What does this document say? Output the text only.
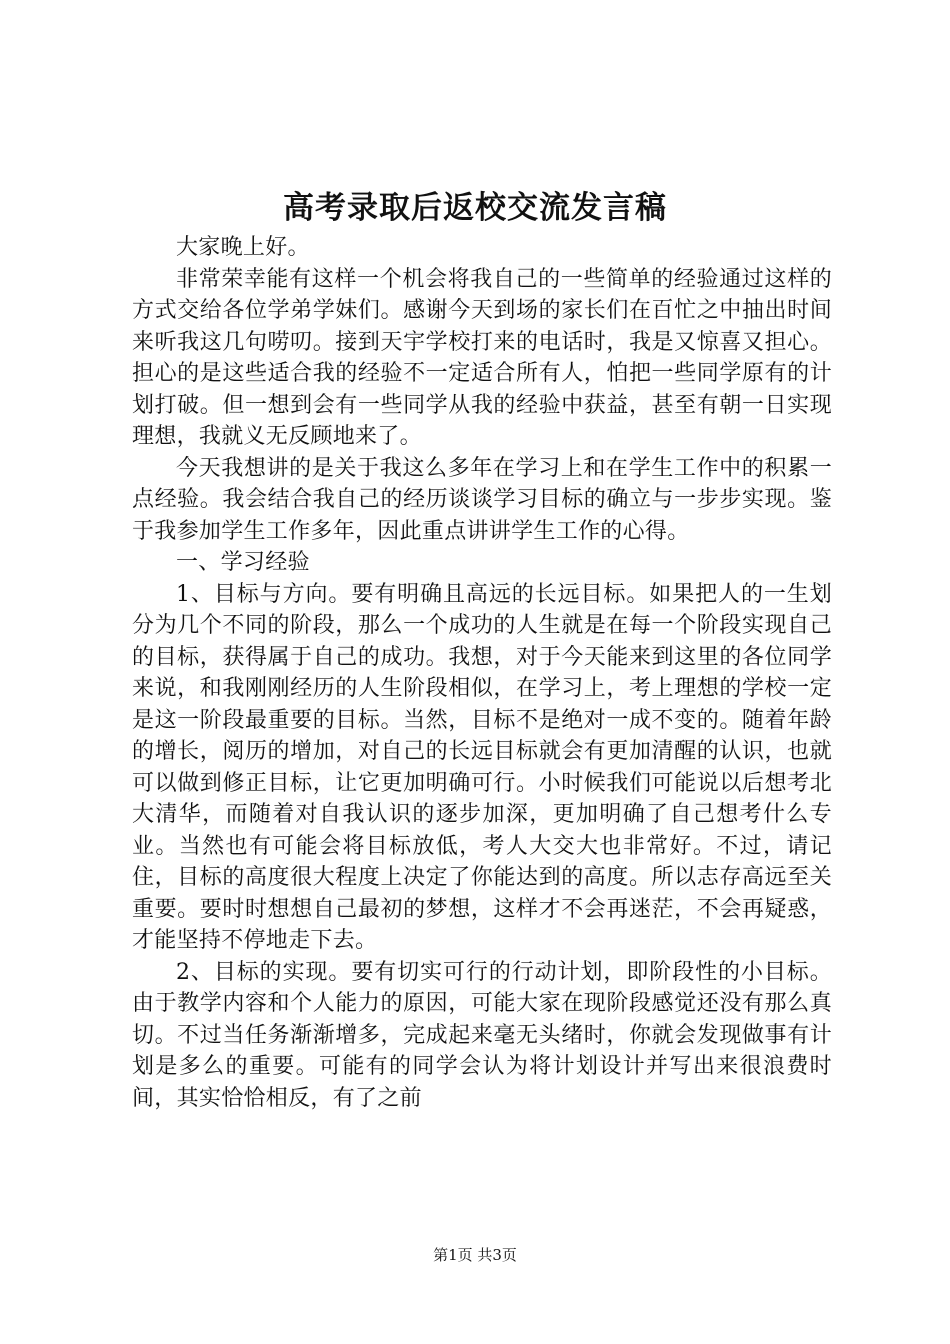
高考录取后返校交流发言稿

大家晚上好。

非常荣幸能有这样一个机会将我自己的一些简单的经验通过这样的方式交给各位学弟学妹们。感谢今天到场的家长们在百忙之中抽出时间来听我这几句唠叨。接到天宇学校打来的电话时，我是又惊喜又担心。担心的是这些适合我的经验不一定适合所有人，怕把一些同学原有的计划打破。但一想到会有一些同学从我的经验中获益，甚至有朝一日实现理想，我就义无反顾地来了。

今天我想讲的是关于我这么多年在学习上和在学生工作中的积累一点经验。我会结合我自己的经历谈谈学习目标的确立与一步步实现。鉴于我参加学生工作多年，因此重点讲讲学生工作的心得。

一、学习经验

1、目标与方向。要有明确且高远的长远目标。如果把人的一生划分为几个不同的阶段，那么一个成功的人生就是在每一个阶段实现自己的目标，获得属于自己的成功。我想，对于今天能来到这里的各位同学来说，和我刚刚经历的人生阶段相似，在学习上，考上理想的学校一定是这一阶段最重要的目标。当然，目标不是绝对一成不变的。随着年龄的增长，阅历的增加，对自己的长远目标就会有更加清醒的认识，也就可以做到修正目标，让它更加明确可行。小时候我们可能说以后想考北大清华，而随着对自我认识的逐步加深，更加明确了自己想考什么专业。当然也有可能会将目标放低，考人大交大也非常好。不过，请记住，目标的高度很大程度上决定了你能达到的高度。所以志存高远至关重要。要时时想想自己最初的梦想，这样才不会再迷茫，不会再疑惑，才能坚持不停地走下去。

2、目标的实现。要有切实可行的行动计划，即阶段性的小目标。由于教学内容和个人能力的原因，可能大家在现阶段感觉还没有那么真切。不过当任务渐渐增多，完成起来毫无头绪时，你就会发现做事有计划是多么的重要。可能有的同学会认为将计划设计并写出来很浪费时间，其实恰恰相反，有了之前

第1页 共3页
